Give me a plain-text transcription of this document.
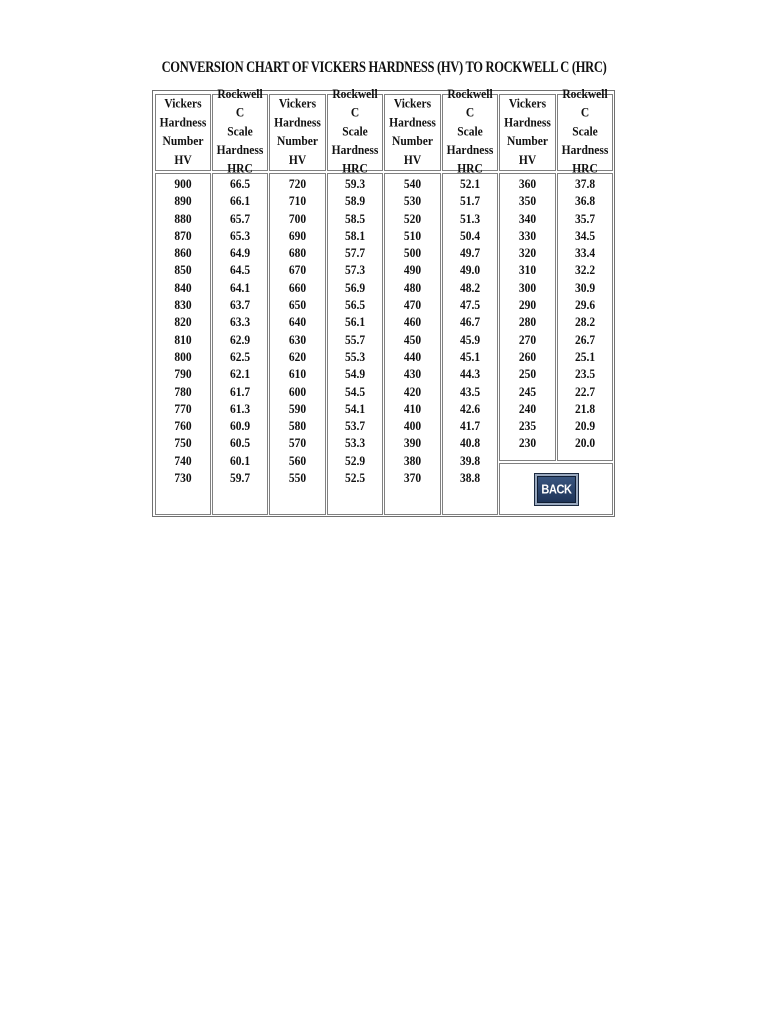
CONVERSION CHART OF VICKERS HARDNESS (HV) TO ROCKWELL C (HRC)
Vickers
Hardness
Number HV
900
890
880
870
860
850
840
830
820
810
800
790
780
770
760
750
740
730
Rockwell C
Scale
Hardness
HRC
66.5
66.1
65.7
65.3
64.9
64.5
64.1
63.7
63.3
62.9
62.5
62.1
61.7
61.3
60.9
60.5
60.1
59.7
Vickers
Hardness
Number HV
720
710
700
690
680
670
660
650
640
630
620
610
600
590
580
570
560
550
Rockwell C
Scale
Hardness
HRC
59.3
58.9
58.5
58.1
57.7
57.3
56.9
56.5
56.1
55.7
55.3
54.9
54.5
54.1
53.7
53.3
52.9
52.5
Vickers
Hardness
Number HV
540
530
520
510
500
490
480
470
460
450
440
430
420
410
400
390
380
370
Rockwell C
Scale
Hardness
HRC
52.1
51.7
51.3
50.4
49.7
49.0
48.2
47.5
46.7
45.9
45.1
44.3
43.5
42.6
41.7
40.8
39.8
38.8
Vickers
Hardness
Number HV
360
350
340
330
320
310
300
290
280
270
260
250
245
240
235
230
Rockwell C
Scale
Hardness
HRC
37.8
36.8
35.7
34.5
33.4
32.2
30.9
29.6
28.2
26.7
25.1
23.5
22.7
21.8
20.9
20.0
BACK
